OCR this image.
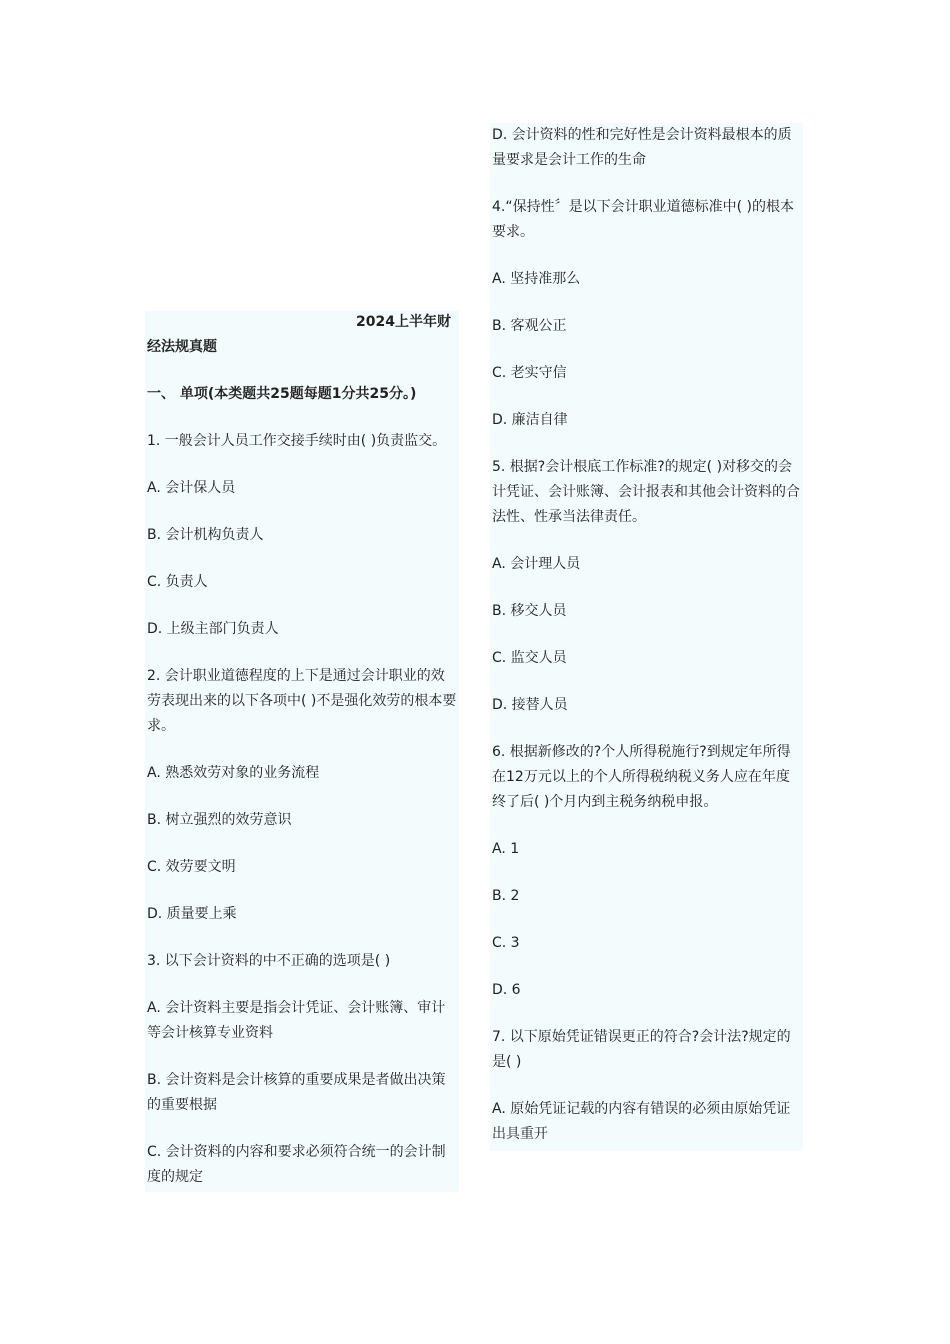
2024上半年财
经法规真题
一、 单项(本类题共25题每题1分共25分。)
1. 一般会计人员工作交接手续时由( )负责监交。
A. 会计保人员
B. 会计机构负责人
C. 负责人
D. 上级主部门负责人
2. 会计职业道德程度的上下是通过会计职业的效劳表现出来的以下各项中( )不是强化效劳的根本要求。
A. 熟悉效劳对象的业务流程
B. 树立强烈的效劳意识
C. 效劳要文明
D. 质量要上乘
3. 以下会计资料的中不正确的选项是( )
A. 会计资料主要是指会计凭证、会计账簿、审计等会计核算专业资料
B. 会计资料是会计核算的重要成果是者做出决策的重要根据
C. 会计资料的内容和要求必须符合统一的会计制度的规定
D. 会计资料的性和完好性是会计资料最根本的质量要求是会计工作的生命
4.“保持性〞是以下会计职业道德标准中( )的根本要求。
A. 坚持准那么
B. 客观公正
C. 老实守信
D. 廉洁自律
5. 根据?会计根底工作标准?的规定( )对移交的会计凭证、会计账簿、会计报表和其他会计资料的合法性、性承当法律责任。
A. 会计理人员
B. 移交人员
C. 监交人员
D. 接替人员
6. 根据新修改的?个人所得税施行?到规定年所得在12万元以上的个人所得税纳税义务人应在年度终了后( )个月内到主税务纳税申报。
A. 1
B. 2
C. 3
D. 6
7. 以下原始凭证错误更正的符合?会计法?规定的是( )
A. 原始凭证记载的内容有错误的必须由原始凭证出具重开
